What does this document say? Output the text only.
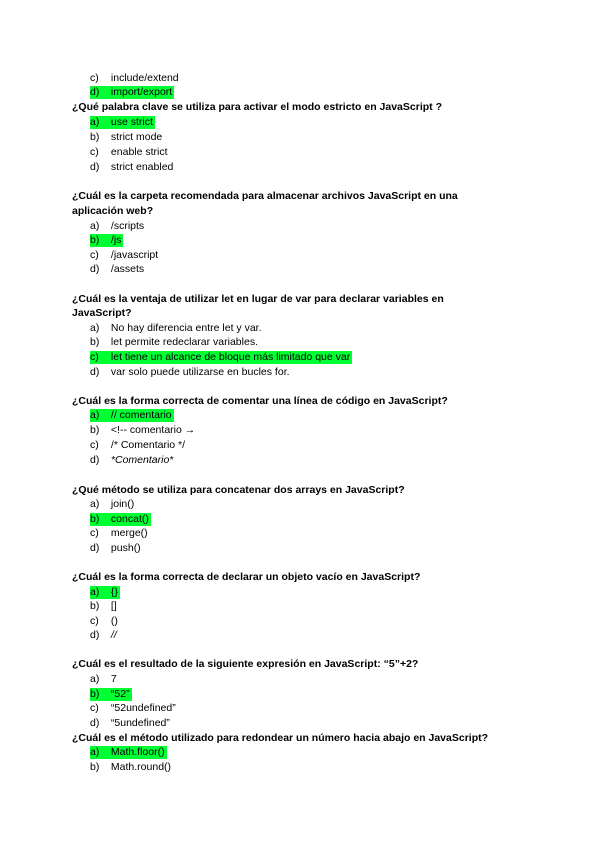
c) include/extend
d) import/export
¿Qué palabra clave se utiliza para activar el modo estricto en JavaScript ?
a) use strict
b) strict mode
c) enable strict
d) strict enabled
¿Cuál es la carpeta recomendada para almacenar archivos JavaScript en una
aplicación web?
a) /scripts
b) /js
c) /javascript
d) /assets
¿Cuál es la ventaja de utilizar let en lugar de var para declarar variables en
JavaScript?
a) No hay diferencia entre let y var.
b) let permite redeclarar variables.
c) let tiene un alcance de bloque más limitado que var
d) var solo puede utilizarse en bucles for.
¿Cuál es la forma correcta de comentar una línea de código en JavaScript?
a) // comentario
b) <!-- comentario →
c) /* Comentario */
d) *Comentario*
¿Qué método se utiliza para concatenar dos arrays en JavaScript?
a) join()
b) concat()
c) merge()
d) push()
¿Cuál es la forma correcta de declarar un objeto vacío en JavaScript?
a) {}
b) []
c) ()
d) //
¿Cuál es el resultado de la siguiente expresión en JavaScript: “5”+2?
a) 7
b) “52”
c) “52undefined”
d) “5undefined”
¿Cuál es el método utilizado para redondear un número hacia abajo en JavaScript?
a) Math.floor()
b) Math.round()
